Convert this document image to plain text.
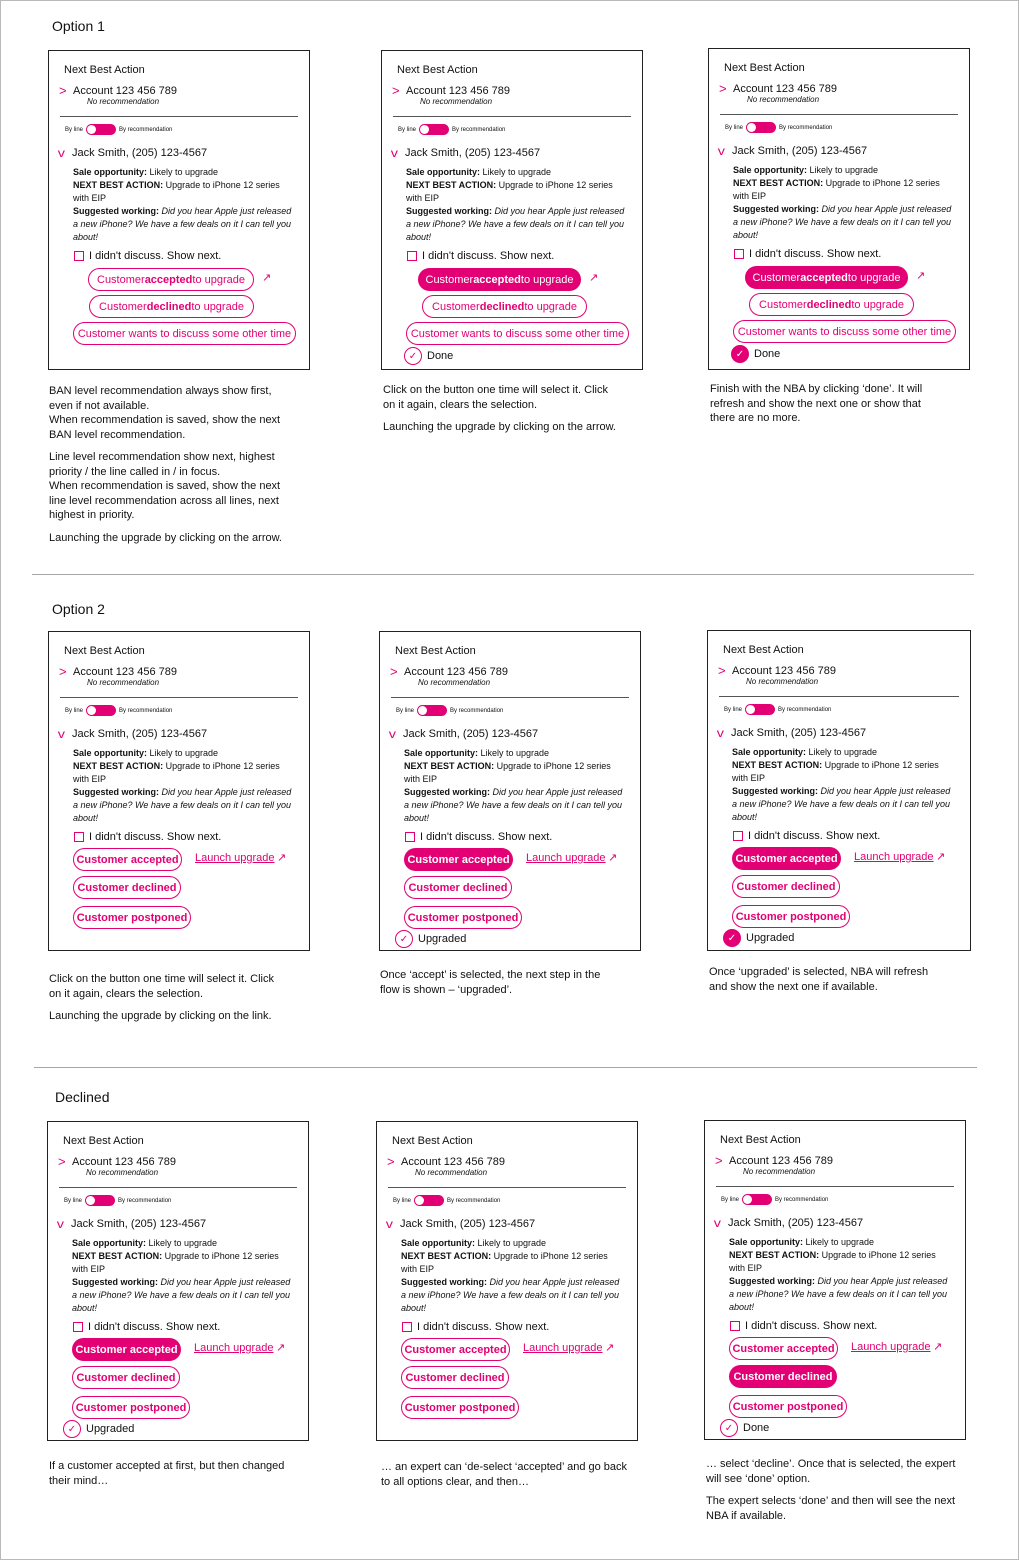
Option 1
Option 2
Declined
Next Best Action
> Account 123 456 789
No recommendation
By line	By recommendation
v Jack Smith, (205) 123-4567
Sale opportunity: Likely to upgrade
NEXT BEST ACTION: Upgrade to iPhone 12 series with EIP
Suggested working: Did you hear Apple just released a new iPhone? We have a few deals on it I can tell you about!
I didn't discuss. Show next.
Customer accepted to upgrade ↗
Customer declined to upgrade
Customer wants to discuss some other time
Next Best Action
> Account 123 456 789
No recommendation
By line	By recommendation
v Jack Smith, (205) 123-4567
Sale opportunity: Likely to upgrade
NEXT BEST ACTION: Upgrade to iPhone 12 series with EIP
Suggested working: Did you hear Apple just released a new iPhone? We have a few deals on it I can tell you about!
I didn't discuss. Show next.
Customer accepted to upgrade ↗
Customer declined to upgrade
Customer wants to discuss some other time
✓ Done
Next Best Action
> Account 123 456 789
No recommendation
By line	By recommendation
v Jack Smith, (205) 123-4567
Sale opportunity: Likely to upgrade
NEXT BEST ACTION: Upgrade to iPhone 12 series with EIP
Suggested working: Did you hear Apple just released a new iPhone? We have a few deals on it I can tell you about!
I didn't discuss. Show next.
Customer accepted to upgrade ↗
Customer declined to upgrade
Customer wants to discuss some other time
✓ Done
Next Best Action
> Account 123 456 789
No recommendation
By line	By recommendation
v Jack Smith, (205) 123-4567
Sale opportunity: Likely to upgrade
NEXT BEST ACTION: Upgrade to iPhone 12 series with EIP
Suggested working: Did you hear Apple just released a new iPhone? We have a few deals on it I can tell you about!
I didn't discuss. Show next.
Customer accepted Launch upgrade ↗
Customer declined
Customer postponed
Next Best Action
> Account 123 456 789
No recommendation
By line	By recommendation
v Jack Smith, (205) 123-4567
Sale opportunity: Likely to upgrade
NEXT BEST ACTION: Upgrade to iPhone 12 series with EIP
Suggested working: Did you hear Apple just released a new iPhone? We have a few deals on it I can tell you about!
I didn't discuss. Show next.
Customer accepted Launch upgrade ↗
Customer declined
Customer postponed
✓ Upgraded
Next Best Action
> Account 123 456 789
No recommendation
By line	By recommendation
v Jack Smith, (205) 123-4567
Sale opportunity: Likely to upgrade
NEXT BEST ACTION: Upgrade to iPhone 12 series with EIP
Suggested working: Did you hear Apple just released a new iPhone? We have a few deals on it I can tell you about!
I didn't discuss. Show next.
Customer accepted Launch upgrade ↗
Customer declined
Customer postponed
✓ Upgraded
Next Best Action
> Account 123 456 789
No recommendation
By line	By recommendation
v Jack Smith, (205) 123-4567
Sale opportunity: Likely to upgrade
NEXT BEST ACTION: Upgrade to iPhone 12 series with EIP
Suggested working: Did you hear Apple just released a new iPhone? We have a few deals on it I can tell you about!
I didn't discuss. Show next.
Customer accepted Launch upgrade ↗
Customer declined
Customer postponed
✓ Upgraded
Next Best Action
> Account 123 456 789
No recommendation
By line	By recommendation
v Jack Smith, (205) 123-4567
Sale opportunity: Likely to upgrade
NEXT BEST ACTION: Upgrade to iPhone 12 series with EIP
Suggested working: Did you hear Apple just released a new iPhone? We have a few deals on it I can tell you about!
I didn't discuss. Show next.
Customer accepted Launch upgrade ↗
Customer declined
Customer postponed
Next Best Action
> Account 123 456 789
No recommendation
By line	By recommendation
v Jack Smith, (205) 123-4567
Sale opportunity: Likely to upgrade
NEXT BEST ACTION: Upgrade to iPhone 12 series with EIP
Suggested working: Did you hear Apple just released a new iPhone? We have a few deals on it I can tell you about!
I didn't discuss. Show next.
Customer accepted Launch upgrade ↗
Customer declined
Customer postponed
✓ Done

BAN level recommendation always show first, even if not available.
When recommendation is saved, show the next BAN level recommendation.

Line level recommendation show next, highest priority / the line called in / in focus.
When recommendation is saved, show the next line level recommendation across all lines, next highest in priority.

Launching the upgrade by clicking on the arrow.

Click on the button one time will select it. Click on it again, clears the selection.

Launching the upgrade by clicking on the arrow.

Finish with the NBA by clicking ‘done’. It will refresh and show the next one or show that there are no more.

Click on the button one time will select it. Click on it again, clears the selection.

Launching the upgrade by clicking on the link.

Once ‘accept’ is selected, the next step in the flow is shown – ‘upgraded’.

Once ‘upgraded’ is selected, NBA will refresh and show the next one if available.

If a customer accepted at first, but then changed their mind…

… an expert can ‘de-select ‘accepted’ and go back to all options clear, and then…

… select ‘decline’. Once that is selected, the expert will see ‘done’ option.

The expert selects ‘done’ and then will see the next NBA if available.
